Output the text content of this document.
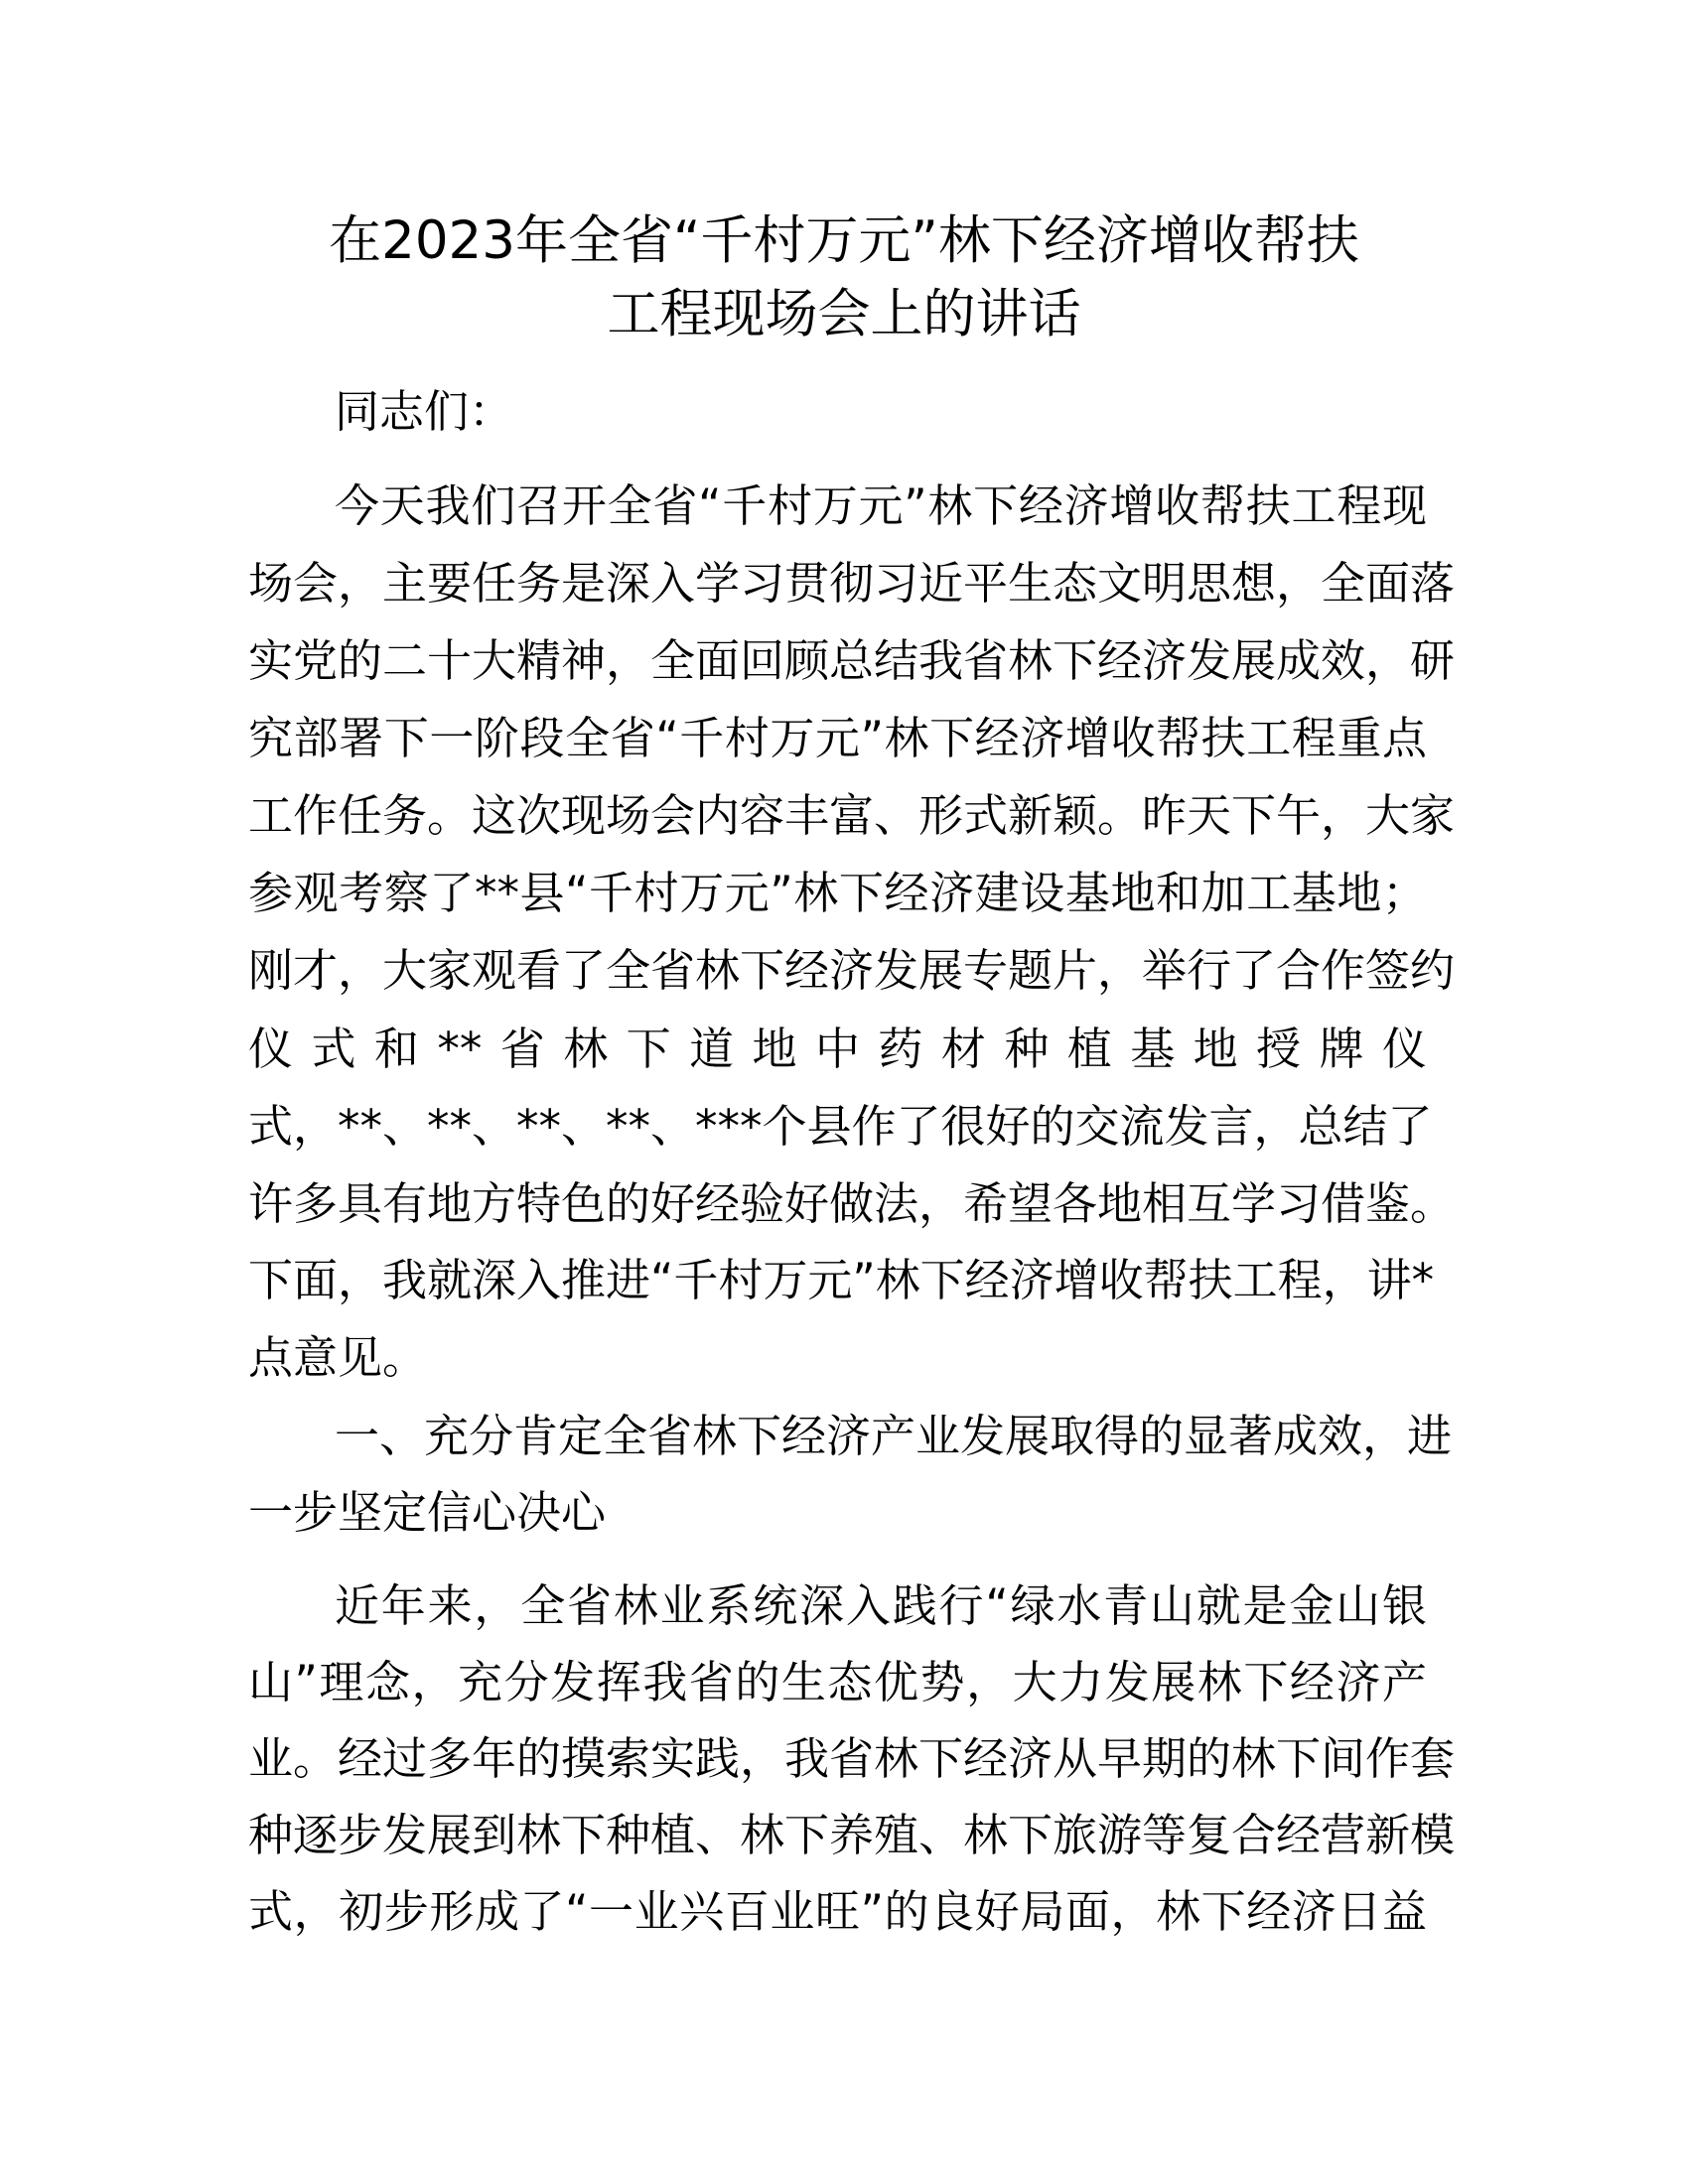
在2023年全省“千村万元”林下经济增收帮扶
工程现场会上的讲话
同志们：
今天我们召开全省“千村万元”林下经济增收帮扶工程现
场会，主要任务是深入学习贯彻习近平生态文明思想，全面落
实党的二十大精神，全面回顾总结我省林下经济发展成效，研
究部署下一阶段全省“千村万元”林下经济增收帮扶工程重点
工作任务。这次现场会内容丰富、形式新颖。昨天下午，大家
参观考察了**县“千村万元”林下经济建设基地和加工基地；
刚才，大家观看了全省林下经济发展专题片，举行了合作签约
仪式和**省林下道地中药材种植基地授牌仪
式，**、**、**、**、***个县作了很好的交流发言，总结了
许多具有地方特色的好经验好做法，希望各地相互学习借鉴。
下面，我就深入推进“千村万元”林下经济增收帮扶工程，讲*
点意见。
一、充分肯定全省林下经济产业发展取得的显著成效，进
一步坚定信心决心
近年来，全省林业系统深入践行“绿水青山就是金山银
山”理念，充分发挥我省的生态优势，大力发展林下经济产
业。经过多年的摸索实践，我省林下经济从早期的林下间作套
种逐步发展到林下种植、林下养殖、林下旅游等复合经营新模
式，初步形成了“一业兴百业旺”的良好局面，林下经济日益
